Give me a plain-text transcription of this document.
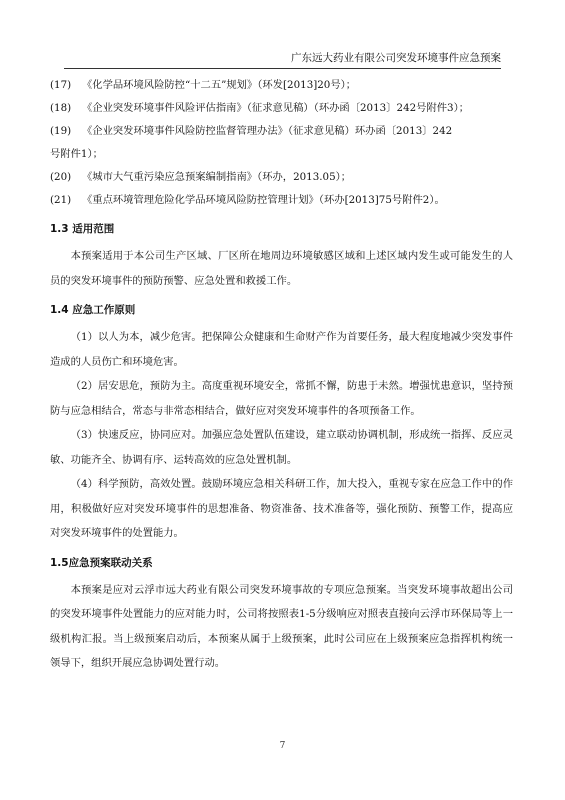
广东远大药业有限公司突发环境事件应急预案

(17) 《化学品环境风险防控“十二五”规划》（环发[2013]20号）；

(18) 《企业突发环境事件风险评估指南》（征求意见稿）（环办函〔2013〕242号附件3）；

(19) 《企业突发环境事件风险防控监督管理办法》（征求意见稿）环办函〔2013〕242
号附件1）；

(20) 《城市大气重污染应急预案编制指南》（环办，2013.05）；

(21) 《重点环境管理危险化学品环境风险防控管理计划》（环办[2013]75号附件2）。

1.3 适用范围

本预案适用于本公司生产区域、厂区所在地周边环境敏感区域和上述区域内发生或可能发生的人员的突发环境事件的预防预警、应急处置和救援工作。

1.4 应急工作原则

（1）以人为本，减少危害。把保障公众健康和生命财产作为首要任务，最大程度地减少突发事件造成的人员伤亡和环境危害。

（2）居安思危，预防为主。高度重视环境安全，常抓不懈，防患于未然。增强忧患意识，坚持预防与应急相结合，常态与非常态相结合，做好应对突发环境事件的各项预备工作。

（3）快速反应，协同应对。加强应急处置队伍建设，建立联动协调机制，形成统一指挥、反应灵敏、功能齐全、协调有序、运转高效的应急处置机制。

（4）科学预防，高效处置。鼓励环境应急相关科研工作，加大投入，重视专家在应急工作中的作用，积极做好应对突发环境事件的思想准备、物资准备、技术准备等，强化预防、预警工作，提高应对突发环境事件的处置能力。

1.5应急预案联动关系

本预案是应对云浮市远大药业有限公司突发环境事故的专项应急预案。当突发环境事故超出公司的突发环境事件处置能力的应对能力时，公司将按照表1-5分级响应对照表直接向云浮市环保局等上一级机构汇报。当上级预案启动后，本预案从属于上级预案，此时公司应在上级预案应急指挥机构统一领导下，组织开展应急协调处置行动。

7
